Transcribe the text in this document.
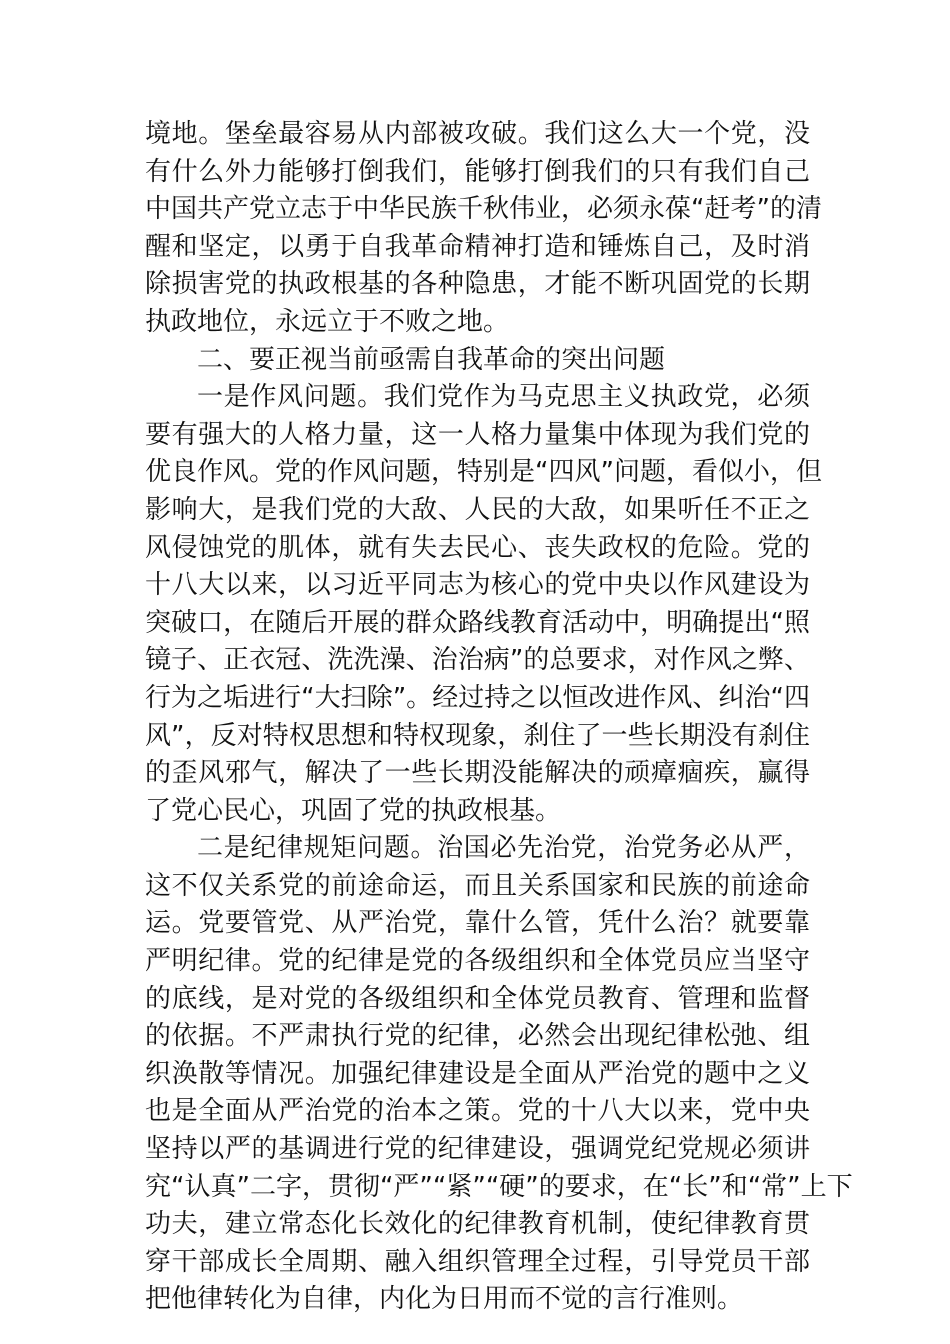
境地。堡垒最容易从内部被攻破。我们这么大一个党，没
有什么外力能够打倒我们，能够打倒我们的只有我们自己
中国共产党立志于中华民族千秋伟业，必须永葆“赶考”的清
醒和坚定，以勇于自我革命精神打造和锤炼自己，及时消
除损害党的执政根基的各种隐患，才能不断巩固党的长期
执政地位，永远立于不败之地。
二、要正视当前亟需自我革命的突出问题
一是作风问题。我们党作为马克思主义执政党，必须
要有强大的人格力量，这一人格力量集中体现为我们党的
优良作风。党的作风问题，特别是“四风”问题，看似小，但
影响大，是我们党的大敌、人民的大敌，如果听任不正之
风侵蚀党的肌体，就有失去民心、丧失政权的危险。党的
十八大以来，以习近平同志为核心的党中央以作风建设为
突破口，在随后开展的群众路线教育活动中，明确提出“照
镜子、正衣冠、洗洗澡、治治病”的总要求，对作风之弊、
行为之垢进行“大扫除”。经过持之以恒改进作风、纠治“四
风”，反对特权思想和特权现象，刹住了一些长期没有刹住
的歪风邪气，解决了一些长期没能解决的顽瘴痼疾，赢得
了党心民心，巩固了党的执政根基。
二是纪律规矩问题。治国必先治党，治党务必从严，
这不仅关系党的前途命运，而且关系国家和民族的前途命
运。党要管党、从严治党，靠什么管，凭什么治？就要靠
严明纪律。党的纪律是党的各级组织和全体党员应当坚守
的底线，是对党的各级组织和全体党员教育、管理和监督
的依据。不严肃执行党的纪律，必然会出现纪律松弛、组
织涣散等情况。加强纪律建设是全面从严治党的题中之义
也是全面从严治党的治本之策。党的十八大以来，党中央
坚持以严的基调进行党的纪律建设，强调党纪党规必须讲
究“认真”二字，贯彻“严”“紧”“硬”的要求，在“长”和“常”上下
功夫，建立常态化长效化的纪律教育机制，使纪律教育贯
穿干部成长全周期、融入组织管理全过程，引导党员干部
把他律转化为自律，内化为日用而不觉的言行准则。
